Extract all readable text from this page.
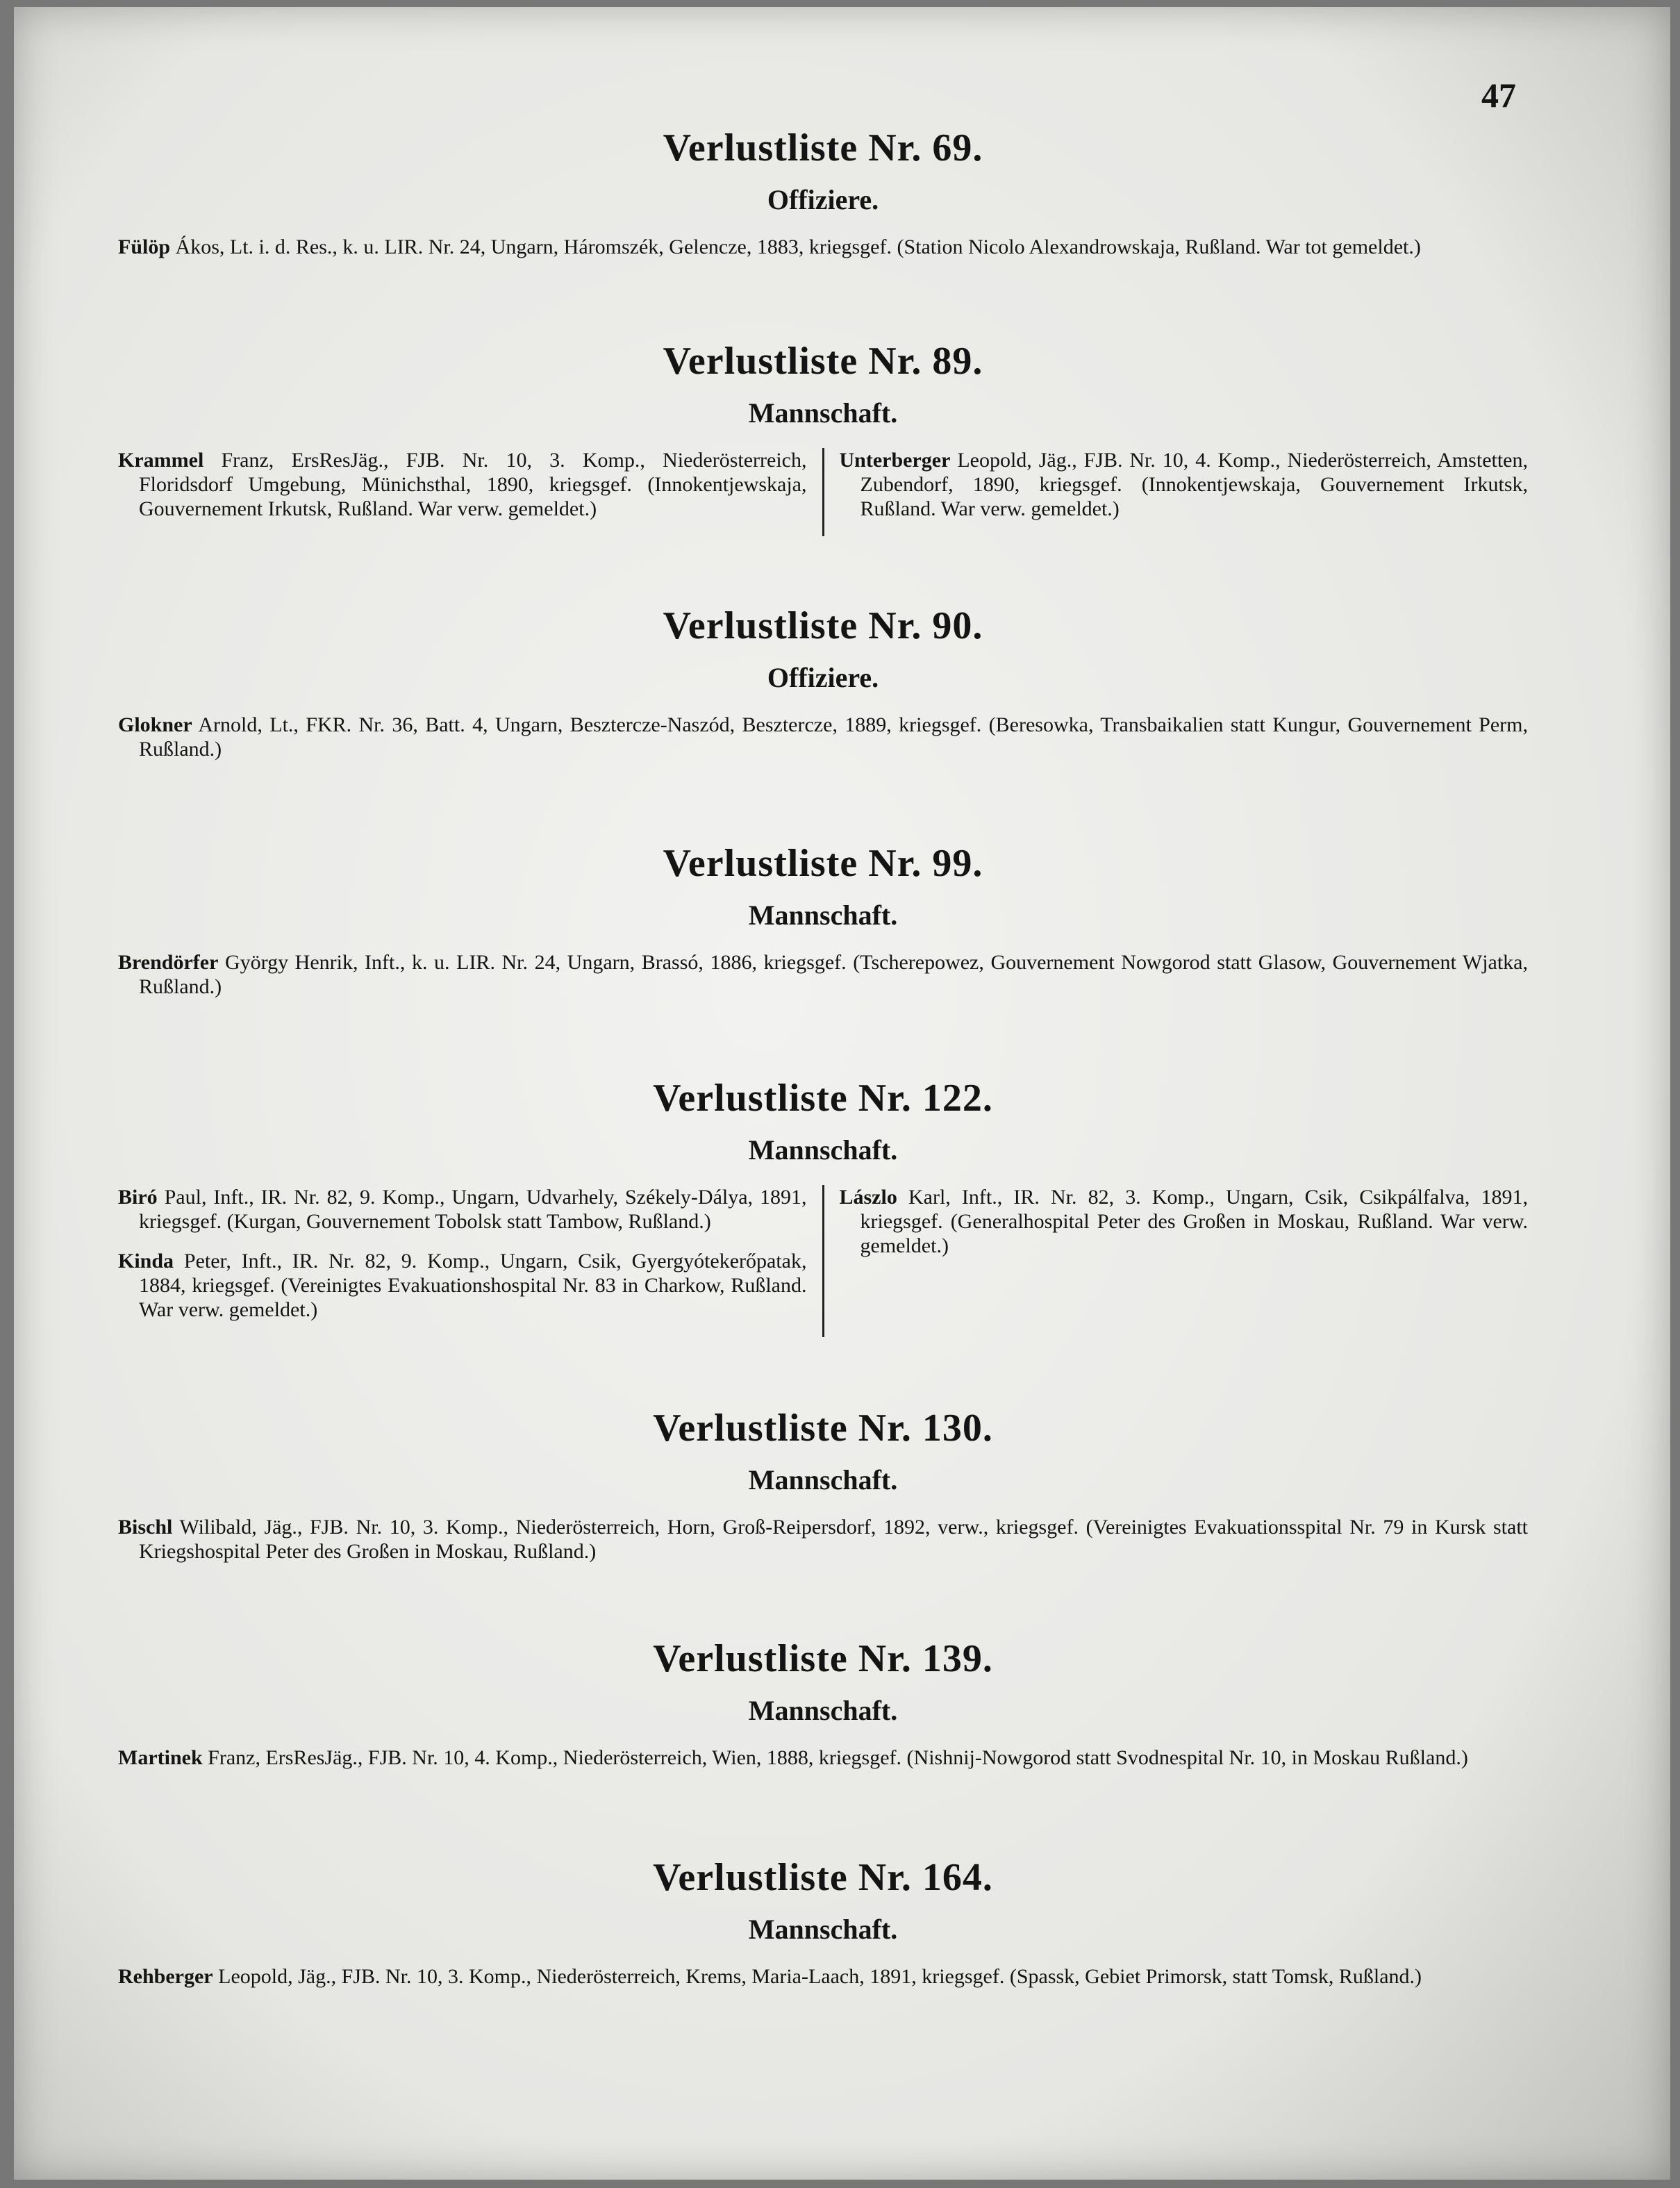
47
Verlustliste Nr. 69.
Offiziere.

Fülöp Ákos, Lt. i. d. Res., k. u. LIR. Nr. 24, Ungarn, Háromszék, Gelencze, 1883, kriegsgef. (Station Nicolo Alexandrowskaja, Rußland. War tot gemeldet.)

Verlustliste Nr. 89.
Mannschaft.

Krammel Franz, ErsResJäg., FJB. Nr. 10, 3. Komp., Niederösterreich, Floridsdorf Umgebung, Münichsthal, 1890, kriegsgef. (Innokentjewskaja, Gouvernement Irkutsk, Rußland. War verw. gemeldet.)

Unterberger Leopold, Jäg., FJB. Nr. 10, 4. Komp., Niederösterreich, Amstetten, Zubendorf, 1890, kriegsgef. (Innokentjewskaja, Gouvernement Irkutsk, Rußland. War verw. gemeldet.)

Verlustliste Nr. 90.
Offiziere.

Glokner Arnold, Lt., FKR. Nr. 36, Batt. 4, Ungarn, Besztercze-Naszód, Besztercze, 1889, kriegsgef. (Beresowka, Transbaikalien statt Kungur, Gouvernement Perm, Rußland.)

Verlustliste Nr. 99.
Mannschaft.

Brendörfer György Henrik, Inft., k. u. LIR. Nr. 24, Ungarn, Brassó, 1886, kriegsgef. (Tscherepowez, Gouvernement Nowgorod statt Glasow, Gouvernement Wjatka, Rußland.)

Verlustliste Nr. 122.
Mannschaft.

Biró Paul, Inft., IR. Nr. 82, 9. Komp., Ungarn, Udvarhely, Székely-Dálya, 1891, kriegsgef. (Kurgan, Gouvernement Tobolsk statt Tambow, Rußland.)

Kinda Peter, Inft., IR. Nr. 82, 9. Komp., Ungarn, Csik, Gyergyótekerőpatak, 1884, kriegsgef. (Vereinigtes Evakuationshospital Nr. 83 in Charkow, Rußland. War verw. gemeldet.)

Lászlo Karl, Inft., IR. Nr. 82, 3. Komp., Ungarn, Csik, Csikpálfalva, 1891, kriegsgef. (Generalhospital Peter des Großen in Moskau, Rußland. War verw. gemeldet.)

Verlustliste Nr. 130.
Mannschaft.

Bischl Wilibald, Jäg., FJB. Nr. 10, 3. Komp., Niederösterreich, Horn, Groß-Reipersdorf, 1892, verw., kriegsgef. (Vereinigtes Evakuationsspital Nr. 79 in Kursk statt Kriegshospital Peter des Großen in Moskau, Rußland.)

Verlustliste Nr. 139.
Mannschaft.

Martinek Franz, ErsResJäg., FJB. Nr. 10, 4. Komp., Niederösterreich, Wien, 1888, kriegsgef. (Nishnij-Nowgorod statt Svodnespital Nr. 10, in Moskau Rußland.)

Verlustliste Nr. 164.
Mannschaft.

Rehberger Leopold, Jäg., FJB. Nr. 10, 3. Komp., Niederösterreich, Krems, Maria-Laach, 1891, kriegsgef. (Spassk, Gebiet Primorsk, statt Tomsk, Rußland.)
